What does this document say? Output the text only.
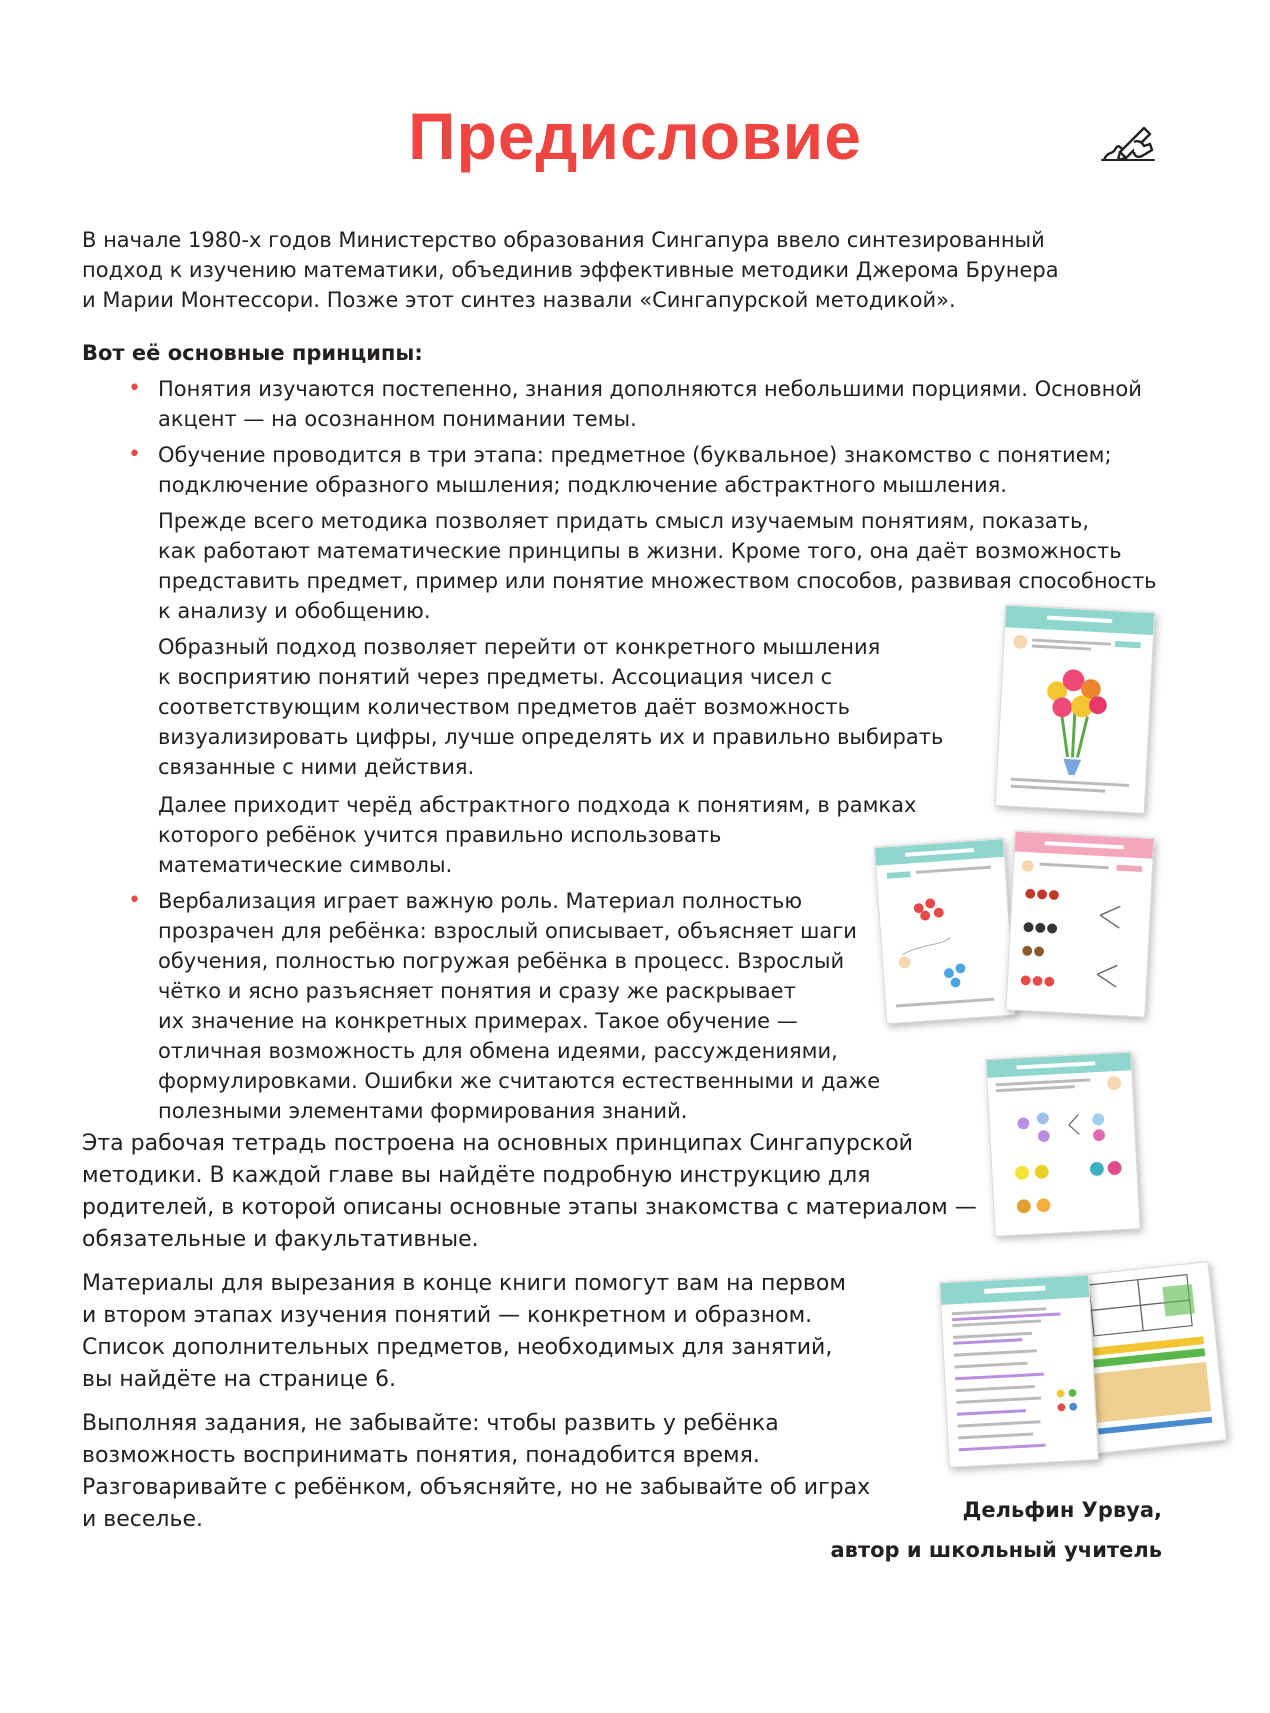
Предисловие
В начале 1980-х годов Министерство образования Сингапура ввело синтезированный
подход к изучению математики, объединив эффективные методики Джерома Брунера
и Марии Монтессори. Позже этот синтез назвали «Сингапурской методикой».
Вот её основные принципы:
• Понятия изучаются постепенно, знания дополняются небольшими порциями. Основной
акцент — на осознанном понимании темы.
• Обучение проводится в три этапа: предметное (буквальное) знакомство с понятием;
подключение образного мышления; подключение абстрактного мышления.
Прежде всего методика позволяет придать смысл изучаемым понятиям, показать,
как работают математические принципы в жизни. Кроме того, она даёт возможность
представить предмет, пример или понятие множеством способов, развивая способность
к анализу и обобщению.
Образный подход позволяет перейти от конкретного мышления
к восприятию понятий через предметы. Ассоциация чисел с
соответствующим количеством предметов даёт возможность
визуализировать цифры, лучше определять их и правильно выбирать
связанные с ними действия.
Далее приходит черёд абстрактного подхода к понятиям, в рамках
которого ребёнок учится правильно использовать
математические символы.
• Вербализация играет важную роль. Материал полностью
прозрачен для ребёнка: взрослый описывает, объясняет шаги
обучения, полностью погружая ребёнка в процесс. Взрослый
чётко и ясно разъясняет понятия и сразу же раскрывает
их значение на конкретных примерах. Такое обучение —
отличная возможность для обмена идеями, рассуждениями,
формулировками. Ошибки же считаются естественными и даже
полезными элементами формирования знаний.
Эта рабочая тетрадь построена на основных принципах Сингапурской
методики. В каждой главе вы найдёте подробную инструкцию для
родителей, в которой описаны основные этапы знакомства с материалом —
обязательные и факультативные.
Материалы для вырезания в конце книги помогут вам на первом
и втором этапах изучения понятий — конкретном и образном.
Список дополнительных предметов, необходимых для занятий,
вы найдёте на странице 6.
Выполняя задания, не забывайте: чтобы развить у ребёнка
возможность воспринимать понятия, понадобится время.
Разговаривайте с ребёнком, объясняйте, но не забывайте об играх
и веселье.	Дельфин Урвуа,
автор и школьный учитель
